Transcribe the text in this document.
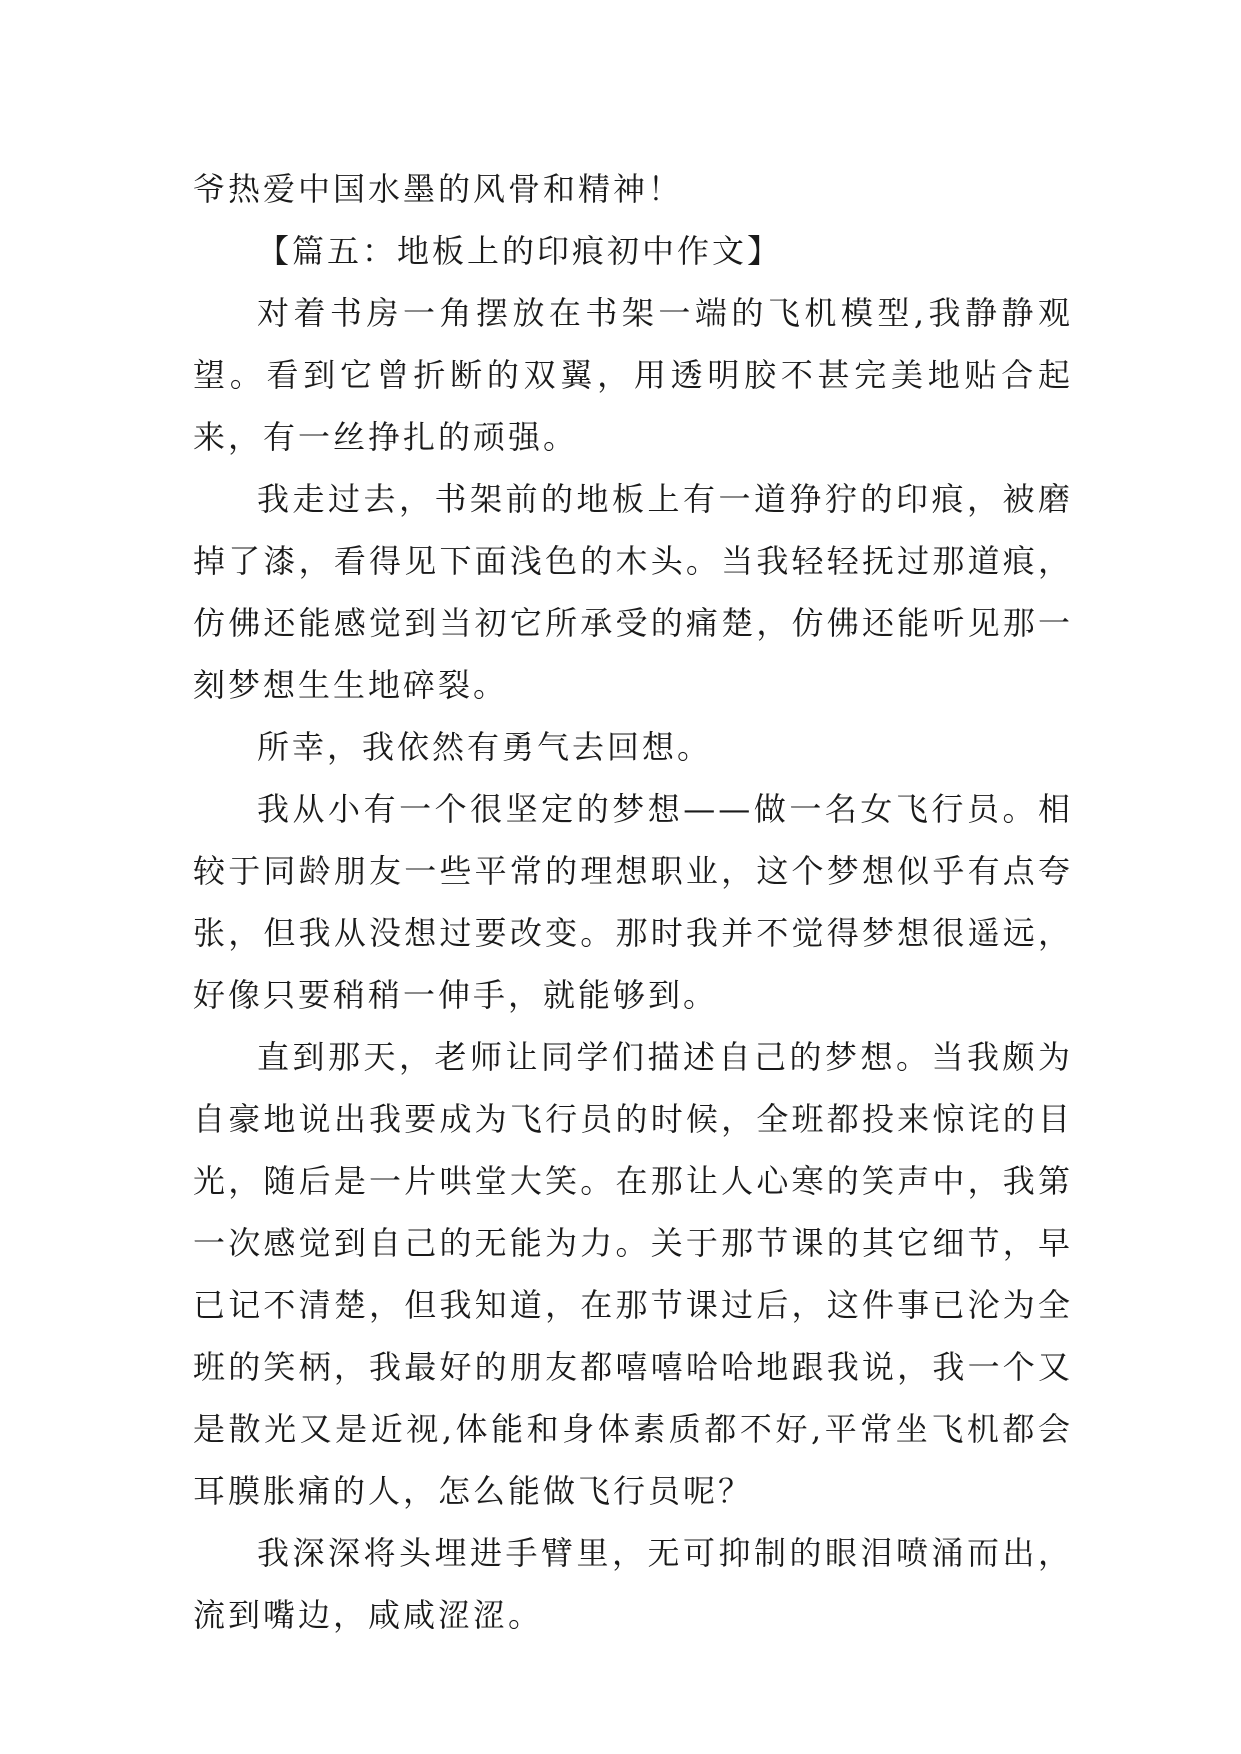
爷热爱中国水墨的风骨和精神！

【篇五：地板上的印痕初中作文】

对着书房一角摆放在书架一端的飞机模型,我静静观望。看到它曾折断的双翼，用透明胶不甚完美地贴合起来，有一丝挣扎的顽强。

我走过去，书架前的地板上有一道狰狞的印痕，被磨掉了漆，看得见下面浅色的木头。当我轻轻抚过那道痕，仿佛还能感觉到当初它所承受的痛楚，仿佛还能听见那一刻梦想生生地碎裂。

所幸，我依然有勇气去回想。

我从小有一个很坚定的梦想——做一名女飞行员。相较于同龄朋友一些平常的理想职业，这个梦想似乎有点夸张，但我从没想过要改变。那时我并不觉得梦想很遥远，好像只要稍稍一伸手，就能够到。

直到那天，老师让同学们描述自己的梦想。当我颇为自豪地说出我要成为飞行员的时候，全班都投来惊诧的目光，随后是一片哄堂大笑。在那让人心寒的笑声中，我第一次感觉到自己的无能为力。关于那节课的其它细节，早已记不清楚，但我知道，在那节课过后，这件事已沦为全班的笑柄，我最好的朋友都嘻嘻哈哈地跟我说，我一个又是散光又是近视,体能和身体素质都不好,平常坐飞机都会耳膜胀痛的人，怎么能做飞行员呢？

我深深将头埋进手臂里，无可抑制的眼泪喷涌而出，流到嘴边，咸咸涩涩。
